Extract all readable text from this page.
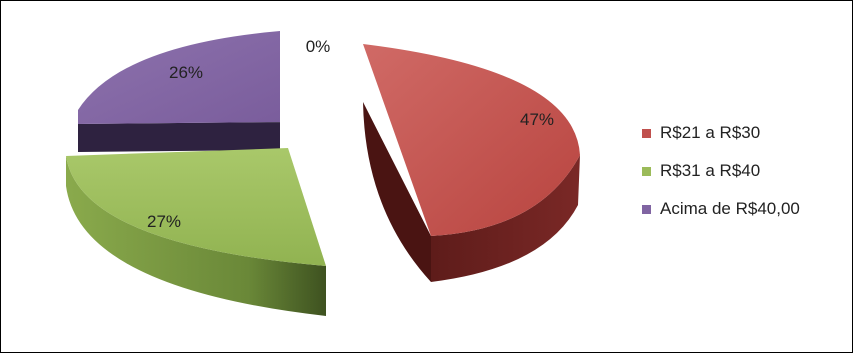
0%
47%
27%
26%
R$21 a R$30
R$31 a R$40
Acima de R$40,00
